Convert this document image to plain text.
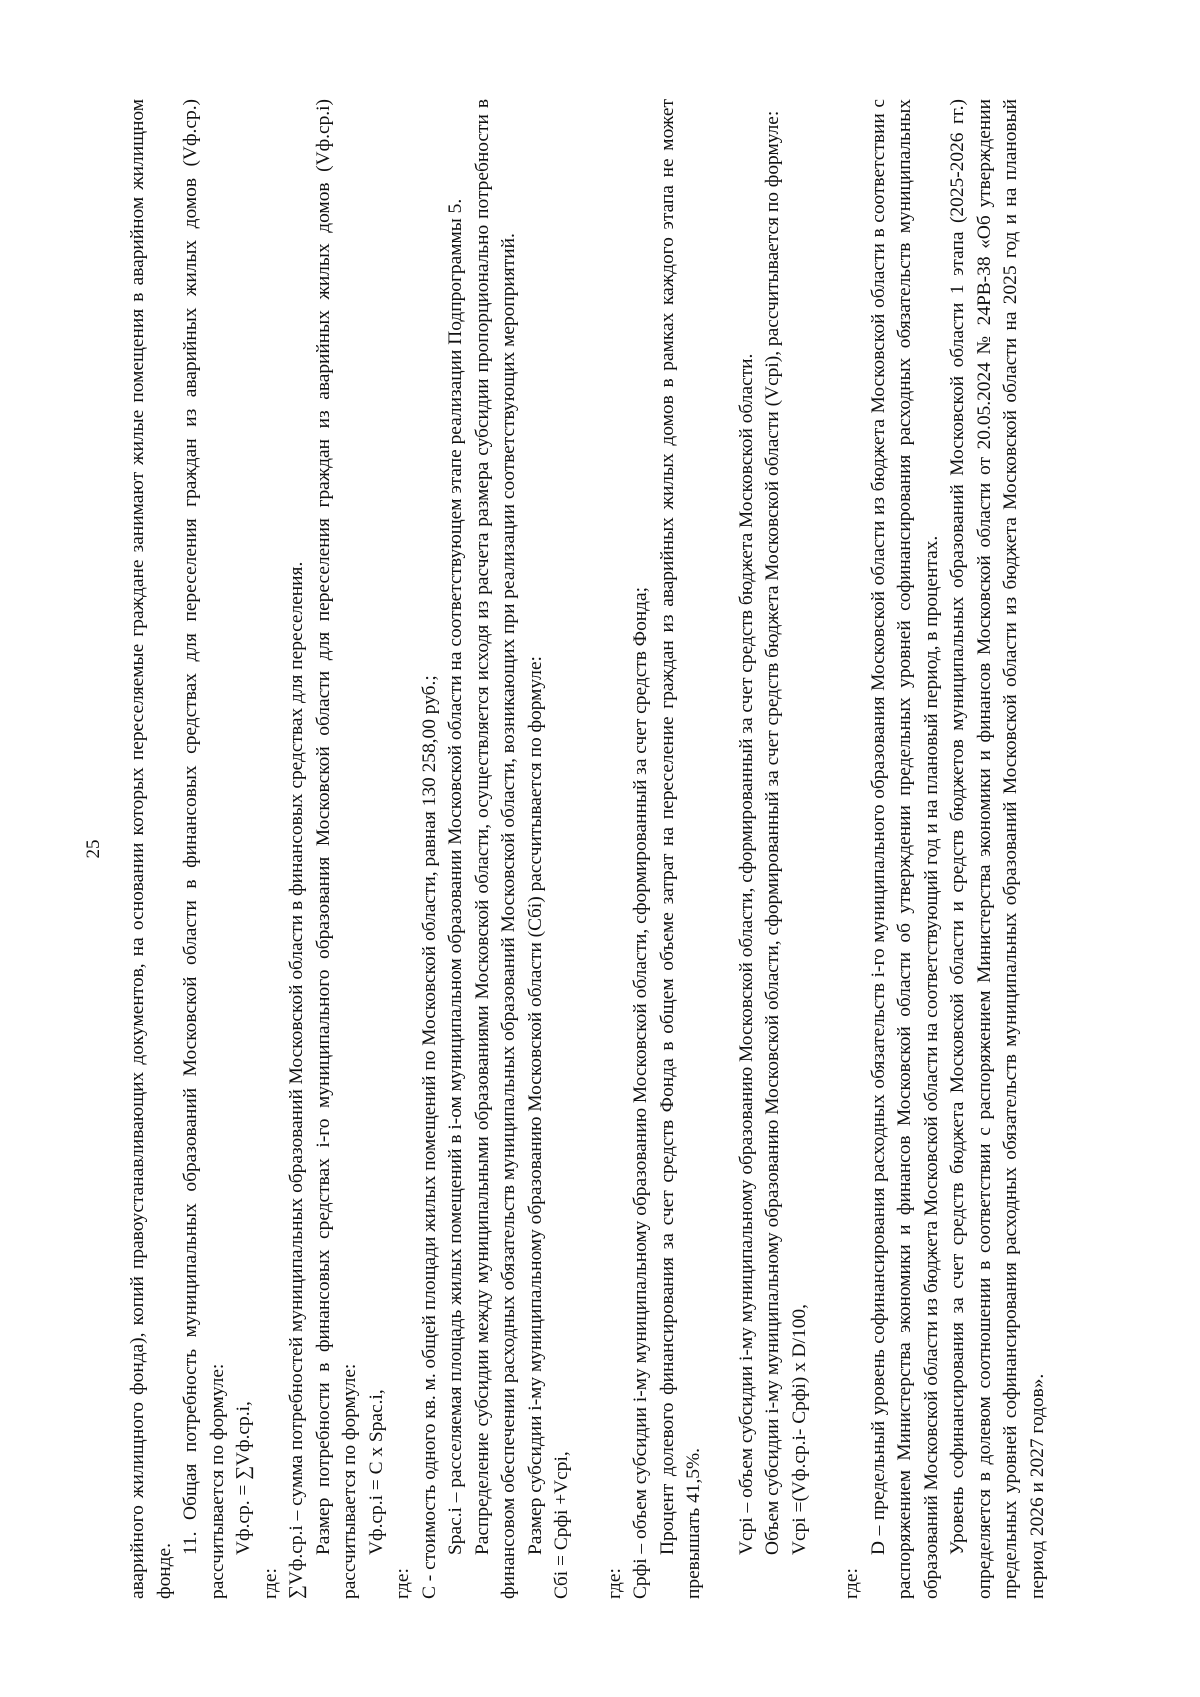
25 аварийного жилищного фонда), копий правоустанавливающих документов, на основании которых переселяемые граждане занимают жилые помещения в аварийном жилищном фонде.

11. Общая потребность муниципальных образований Московской области в финансовых средствах для переселения граждан из аварийных жилых домов (Vф.ср.) рассчитывается по формуле: Vф.ср. = ∑Vф.ср.i,

где: ∑Vф.ср.i – сумма потребностей муниципальных образований Московской области в финансовых средствах для переселения. Размер потребности в финансовых средствах i-го муниципального образования Московской области для переселения граждан из аварийных жилых домов (Vф.ср.i) рассчитывается по формуле: Vф.ср.i = C x Spac.i,

где: С - стоимость одного кв. м. общей площади жилых помещений по Московской области, равная 130 258,00 руб.; Spac.i – расселяемая площадь жилых помещений в i-ом муниципальном образовании Московской области на соответствующем этапе реализации Подпрограммы 5. Распределение субсидии между муниципальными образованиями Московской области, осуществляется исходя из расчета размера субсидии пропорционально потребности в финансовом обеспечении расходных обязательств муниципальных образований Московской области, возникающих при реализации соответствующих мероприятий. Размер субсидии i-му муниципальному образованию Московской области (Cбi) рассчитывается по формуле: Cбi = Cрфi +Vcpi, где: Cрфi – объем субсидии i-му муниципальному образованию Московской области, сформированный за счет средств Фонда; Процент долевого финансирования за счет средств Фонда в общем объеме затрат на переселение граждан из аварийных жилых домов в рамках каждого этапа не может превышать 41,5%. Vcpi – объем субсидии i-му муниципальному образованию Московской области, сформированный за счет средств бюджета Московской области. Объем субсидии i-му муниципальному образованию Московской области, сформированный за счет средств бюджета Московской области (Vcpi), рассчитывается по формуле: Vcpi =(Vф.ср.i- Cрфi) x D/100,

где:

D – предельный уровень софинансирования расходных обязательств i-го муниципального образования Московской области из бюджета Московской области в соответствии с распоряжением Министерства экономики и финансов Московской области об утверждении предельных уровней софинансирования расходных обязательств муниципальных образований Московской области из бюджета Московской области на соответствующий год и на плановый период, в процентах. Уровень софинансирования за счет средств бюджета Московской области и средств бюджетов муниципальных образований Московской области 1 этапа (2025-2026 гг.) определяется в долевом соотношении в соответствии с распоряжением Министерства экономики и финансов Московской области от 20.05.2024 № 24РВ-38 «Об утверждении предельных уровней софинансирования расходных обязательств муниципальных образований Московской области из бюджета Московской области на 2025 год и на плановый период 2026 и 2027 годов».
